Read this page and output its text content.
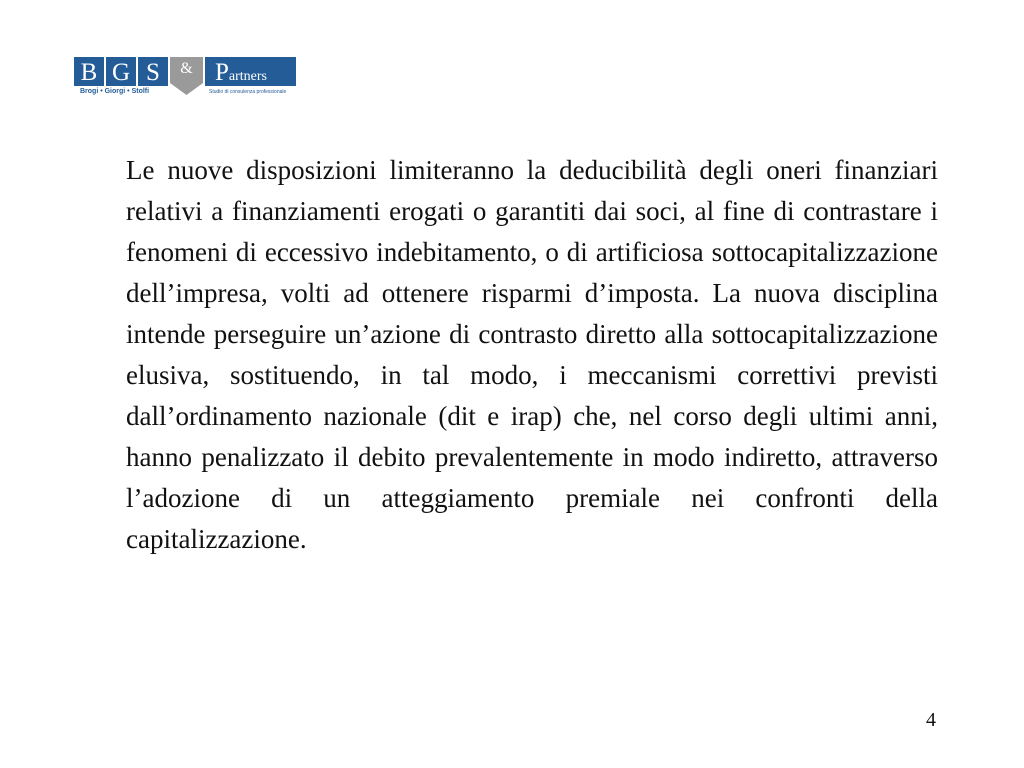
B G S	& Partners
Brogi • Giorgi • Stolfi	Studio di consulenza professionale

Le nuove disposizioni limiteranno la deducibilità degli oneri finanziari relativi a finanziamenti erogati o garantiti dai soci, al fine di contrastare i fenomeni di eccessivo indebitamento, o di artificiosa sottocapitalizzazione dell’impresa, volti ad ottenere risparmi d’imposta. La nuova disciplina intende perseguire un’azione di contrasto diretto alla sottocapitalizzazione elusiva, sostituendo, in tal modo, i meccanismi correttivi previsti dall’ordinamento nazionale (dit e irap) che, nel corso degli ultimi anni, hanno penalizzato il debito prevalentemente in modo indiretto, attraverso l’adozione di un atteggiamento premiale nei confronti della capitalizzazione.

4
